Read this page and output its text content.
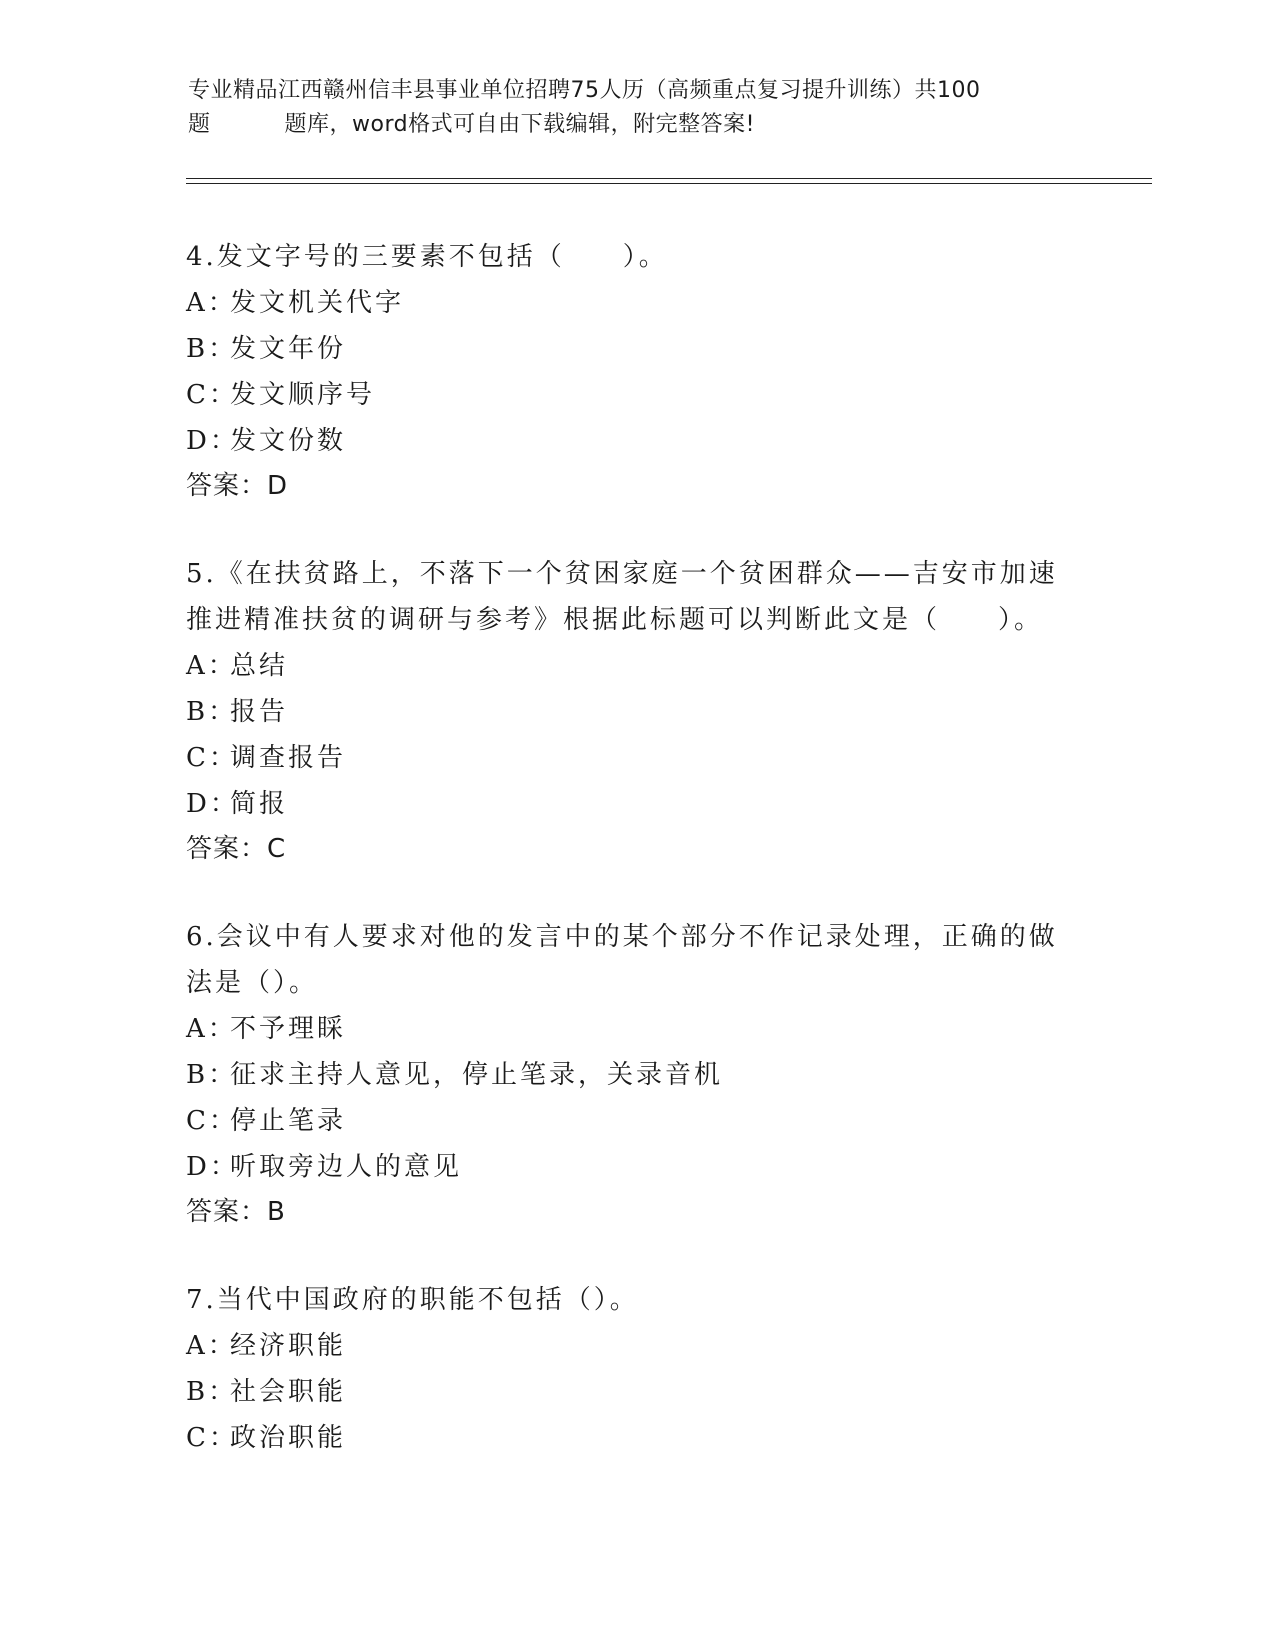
专业精品江西赣州信丰县事业单位招聘75人历（高频重点复习提升训练）共100
题	题库，word格式可自由下载编辑，附完整答案!
4.发文字号的三要素不包括（　　）。
A：发文机关代字
B：发文年份
C：发文顺序号
D：发文份数
答案：D
5.《在扶贫路上，不落下一个贫困家庭一个贫困群众——吉安市加速
推进精准扶贫的调研与参考》根据此标题可以判断此文是（　　）。
A：总结
B：报告
C：调查报告
D：简报
答案：C
6.会议中有人要求对他的发言中的某个部分不作记录处理，正确的做
法是（）。
A：不予理睬
B：征求主持人意见，停止笔录，关录音机
C：停止笔录
D：听取旁边人的意见
答案：B
7.当代中国政府的职能不包括（）。
A：经济职能
B：社会职能
C：政治职能
